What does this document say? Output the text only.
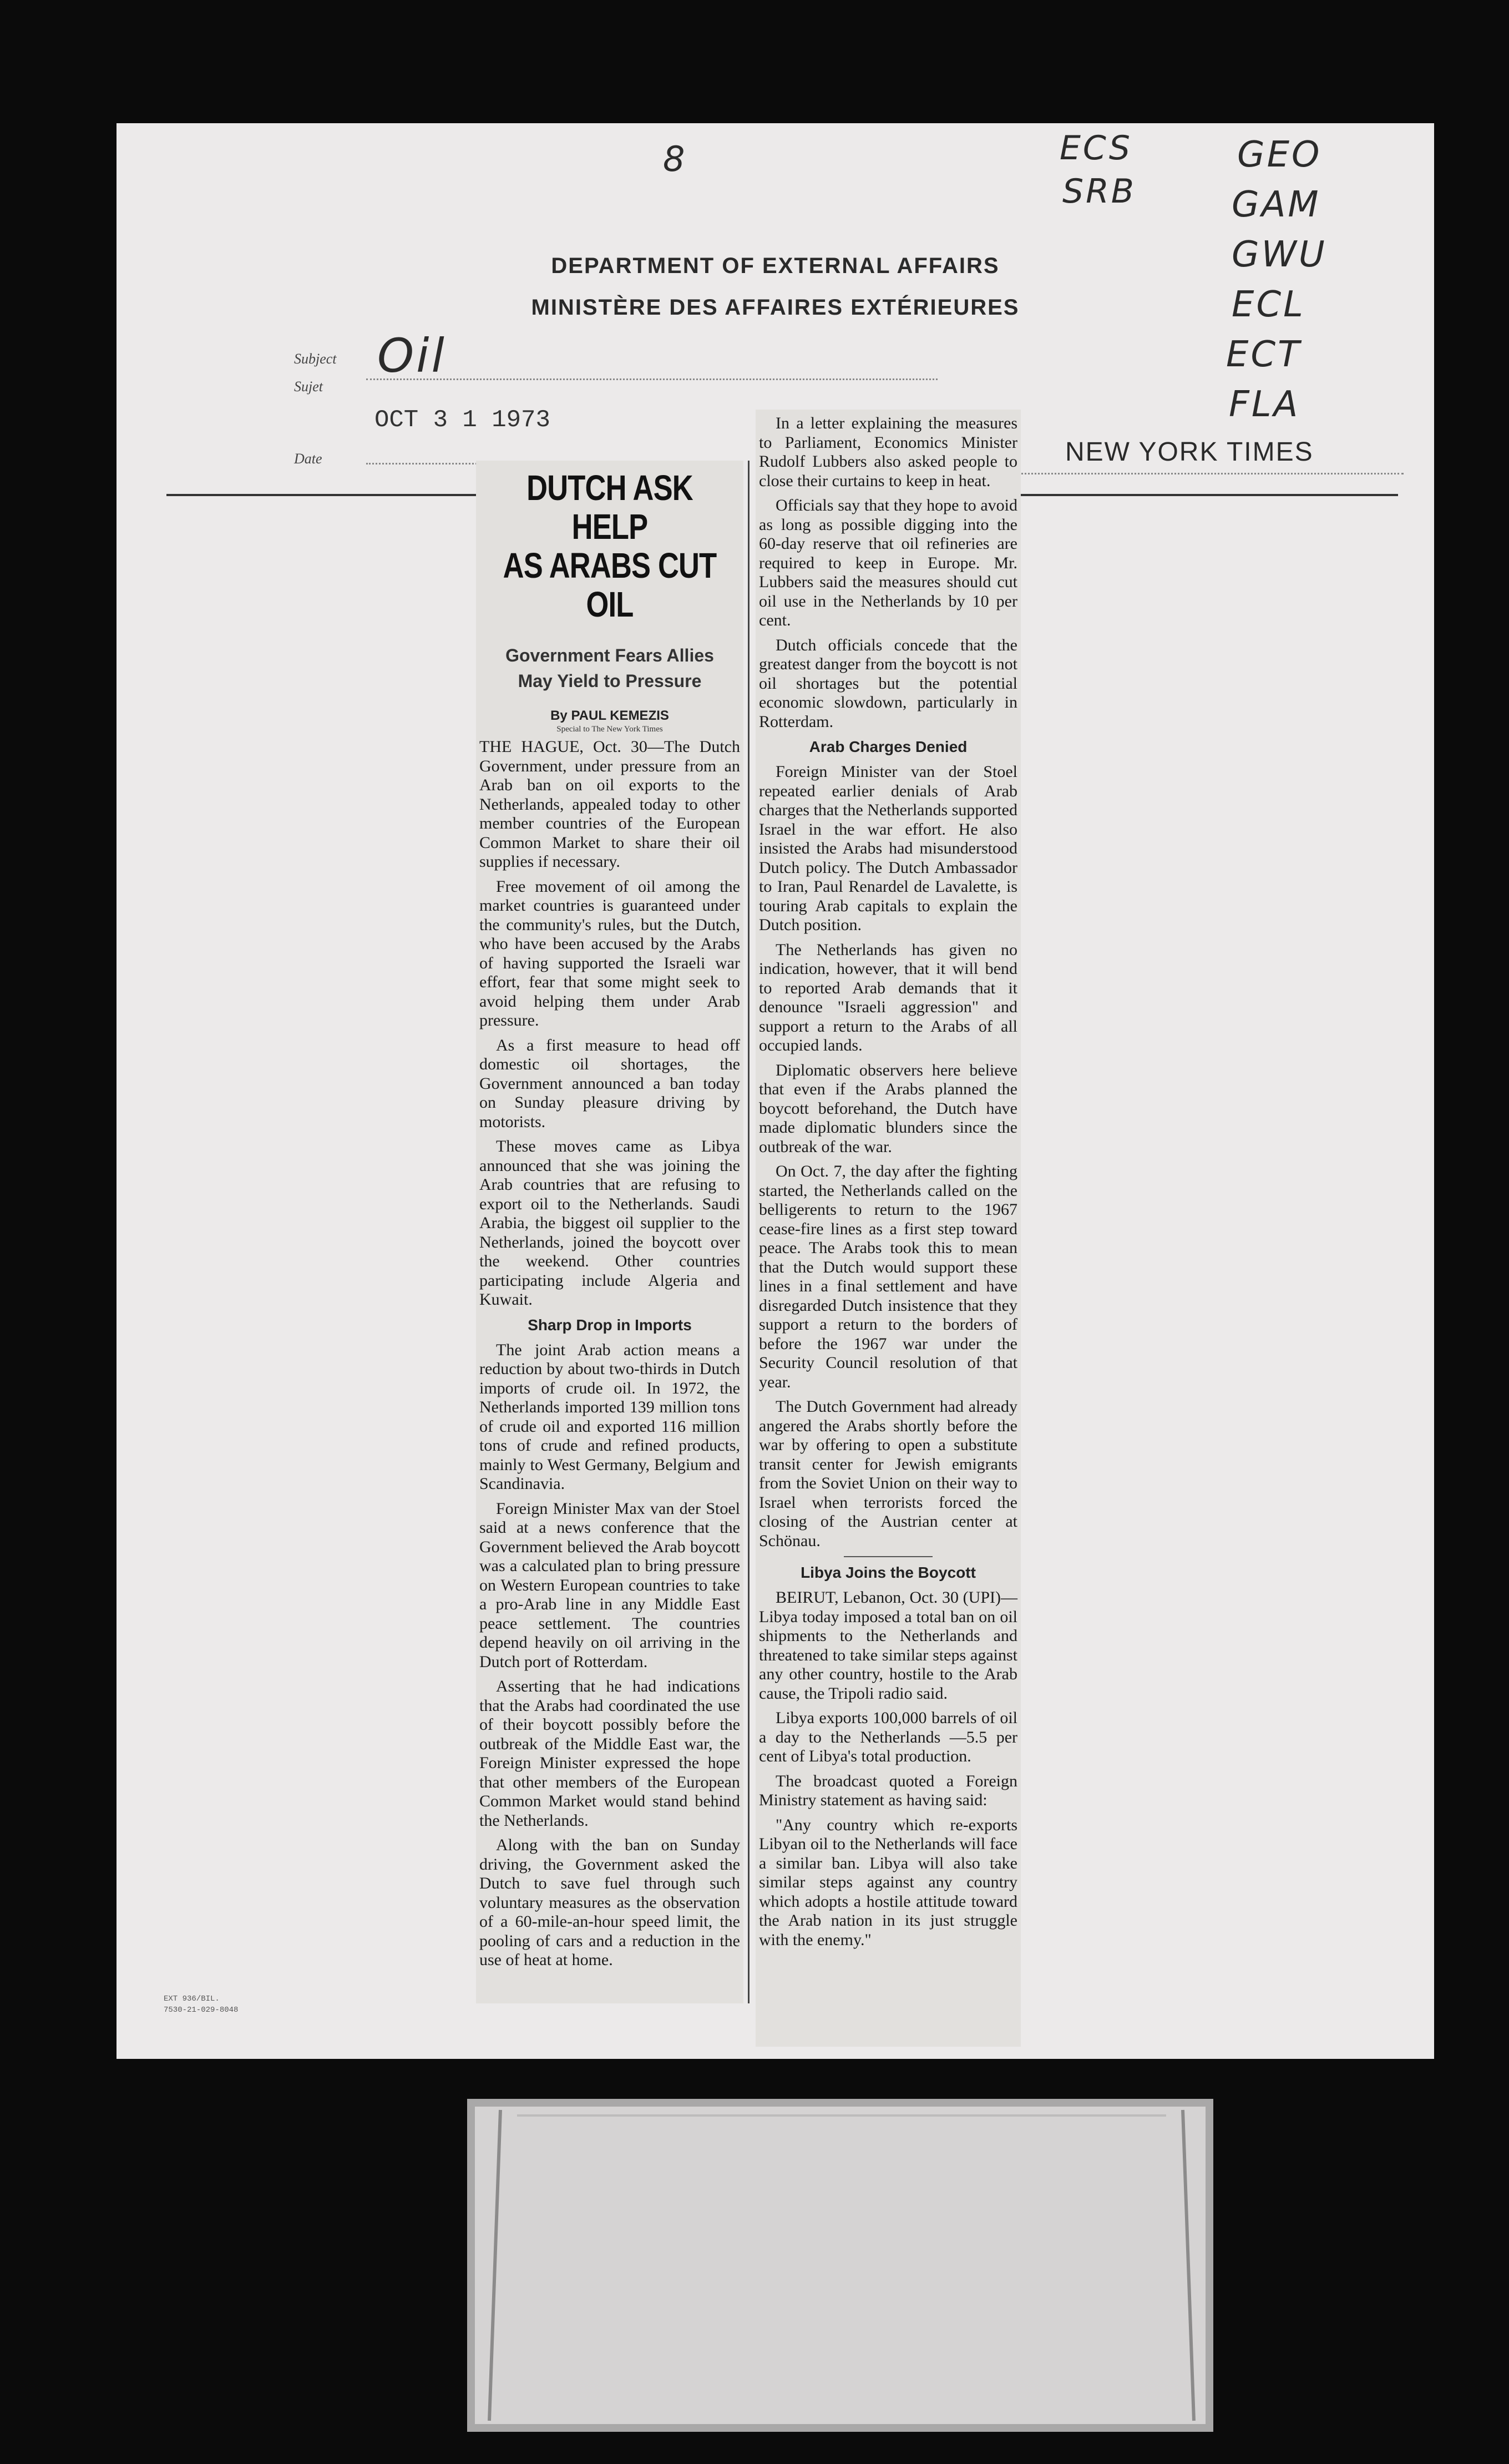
8	ECS
SRB
GEO
GAM
GWU
ECL
ECT
FLA
DEPARTMENT OF EXTERNAL AFFAIRS
MINISTÈRE DES AFFAIRES EXTÉRIEURES
Subject
Sujet
Oil
Date
OCT 3 1 1973
NEW YORK TIMES
EXT 936/BIL.
7530-21-029-8048
DUTCH ASK HELP
AS ARABS CUT OIL
Government Fears Allies
May Yield to Pressure
By PAUL KEMEZIS
Special to The New York Times

THE HAGUE, Oct. 30—The Dutch Government, under pressure from an Arab ban on oil exports to the Netherlands, appealed today to other member countries of the European Common Market to share their oil supplies if necessary.

Free movement of oil among the market countries is guaranteed under the community's rules, but the Dutch, who have been accused by the Arabs of having supported the Israeli war effort, fear that some might seek to avoid helping them under Arab pressure.

As a first measure to head off domestic oil shortages, the Government announced a ban today on Sunday pleasure driving by motorists.

These moves came as Libya announced that she was joining the Arab countries that are refusing to export oil to the Netherlands. Saudi Arabia, the biggest oil supplier to the Netherlands, joined the boycott over the weekend. Other countries participating include Algeria and Kuwait.

Sharp Drop in Imports

The joint Arab action means a reduction by about two-thirds in Dutch imports of crude oil. In 1972, the Netherlands imported 139 million tons of crude oil and exported 116 million tons of crude and refined products, mainly to West Germany, Belgium and Scandinavia.

Foreign Minister Max van der Stoel said at a news conference that the Government believed the Arab boycott was a calculated plan to bring pressure on Western European countries to take a pro-Arab line in any Middle East peace settlement. The countries depend heavily on oil arriving in the Dutch port of Rotterdam.

Asserting that he had indications that the Arabs had coordinated the use of their boycott possibly before the outbreak of the Middle East war, the Foreign Minister expressed the hope that other members of the European Common Market would stand behind the Netherlands.

Along with the ban on Sunday driving, the Government asked the Dutch to save fuel through such voluntary measures as the observation of a 60-mile-an-hour speed limit, the pooling of cars and a reduction in the use of heat at home.

In a letter explaining the measures to Parliament, Economics Minister Rudolf Lubbers also asked people to close their curtains to keep in heat.

Officials say that they hope to avoid as long as possible digging into the 60-day reserve that oil refineries are required to keep in Europe. Mr. Lubbers said the measures should cut oil use in the Netherlands by 10 per cent.

Dutch officials concede that the greatest danger from the boycott is not oil shortages but the potential economic slowdown, particularly in Rotterdam.

Arab Charges Denied

Foreign Minister van der Stoel repeated earlier denials of Arab charges that the Netherlands supported Israel in the war effort. He also insisted the Arabs had misunderstood Dutch policy. The Dutch Ambassador to Iran, Paul Renardel de Lavalette, is touring Arab capitals to explain the Dutch position.

The Netherlands has given no indication, however, that it will bend to reported Arab demands that it denounce "Israeli aggression" and support a return to the Arabs of all occupied lands.

Diplomatic observers here believe that even if the Arabs planned the boycott beforehand, the Dutch have made diplomatic blunders since the outbreak of the war.

On Oct. 7, the day after the fighting started, the Netherlands called on the belligerents to return to the 1967 cease-fire lines as a first step toward peace. The Arabs took this to mean that the Dutch would support these lines in a final settlement and have disregarded Dutch insistence that they support a return to the borders of before the 1967 war under the Security Council resolution of that year.

The Dutch Government had already angered the Arabs shortly before the war by offering to open a substitute transit center for Jewish emigrants from the Soviet Union on their way to Israel when terrorists forced the closing of the Austrian center at Schönau.

Libya Joins the Boycott

BEIRUT, Lebanon, Oct. 30 (UPI)—Libya today imposed a total ban on oil shipments to the Netherlands and threatened to take similar steps against any other country, hostile to the Arab cause, the Tripoli radio said.

Libya exports 100,000 barrels of oil a day to the Netherlands —5.5 per cent of Libya's total production.

The broadcast quoted a Foreign Ministry statement as having said:

"Any country which re-exports Libyan oil to the Netherlands will face a similar ban. Libya will also take similar steps against any country which adopts a hostile attitude toward the Arab nation in its just struggle with the enemy."
